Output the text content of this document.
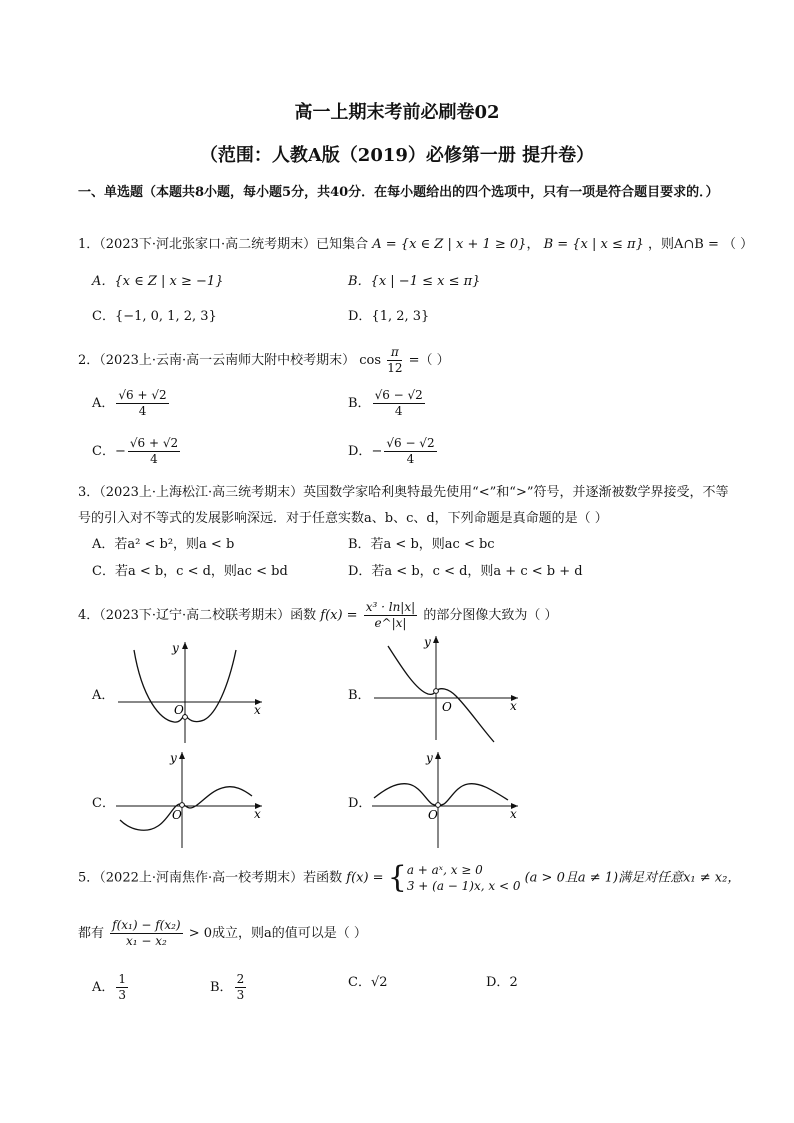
高一上期末考前必刷卷02
（范围：人教A版（2019）必修第一册 提升卷）
一、单选题（本题共8小题，每小题5分，共40分．在每小题给出的四个选项中，只有一项是符合题目要求的．）
1．（2023下·河北张家口·高二统考期末）已知集合 A = {x ∈ Z | x + 1 ≥ 0}， B = {x | x ≤ π} ，则A∩B = （ ）
A．{x ∈ Z | x ≥ −1}	B．{x | −1 ≤ x ≤ π}
C．{−1, 0, 1, 2, 3}	D．{1, 2, 3}
2．（2023上·云南·高一云南师大附中校考期末） $\cos \frac{\pi}{12}$ =（ ）
A． $\frac{√6 + √2}{4}$	B． $\frac{√6 - √2}{4}$
C．− $\frac{√6 + √2}{4}$	D．− $\frac{√6 - √2}{4}$
3．（2023上·上海松江·高三统考期末）英国数学家哈利奥特最先使用“<”和“>”符号，并逐渐被数学界接受，不等号的引入对不等式的发展影响深远．对于任意实数a、b、c、d，下列命题是真命题的是（ ）
A．若a² < b²，则a < b	B．若a < b，则ac < bc
C．若a < b，c < d，则ac < bd	D．若a < b，c < d，则a + c < b + d
4．（2023下·辽宁·高二校联考期末）函数 $f(x) = \frac{\text{x³ · ln|x|}}{e\^{}|x|}$ 的部分图像大致为（ ）
A．
O	x
y
B．
O	x
y
C．
O	x
y
D．
O	x
y
5．（2022上·河南焦作·高一校考期末）若函数 f(x) = { a + aˣ, x ≥ 0
3 + (a − 1)x, x < 0
(a > 0且a ≠ 1)满足对任意x₁ ≠ x₂，
都有 $\frac{\text{f(x₁) − f(x₂)}}{\text{x₁ − x₂}} > 0$成立，则a的值可以是（ ）
A． $\frac{1}{3}$	B． $\frac{2}{3}$	C．√2	D．2
